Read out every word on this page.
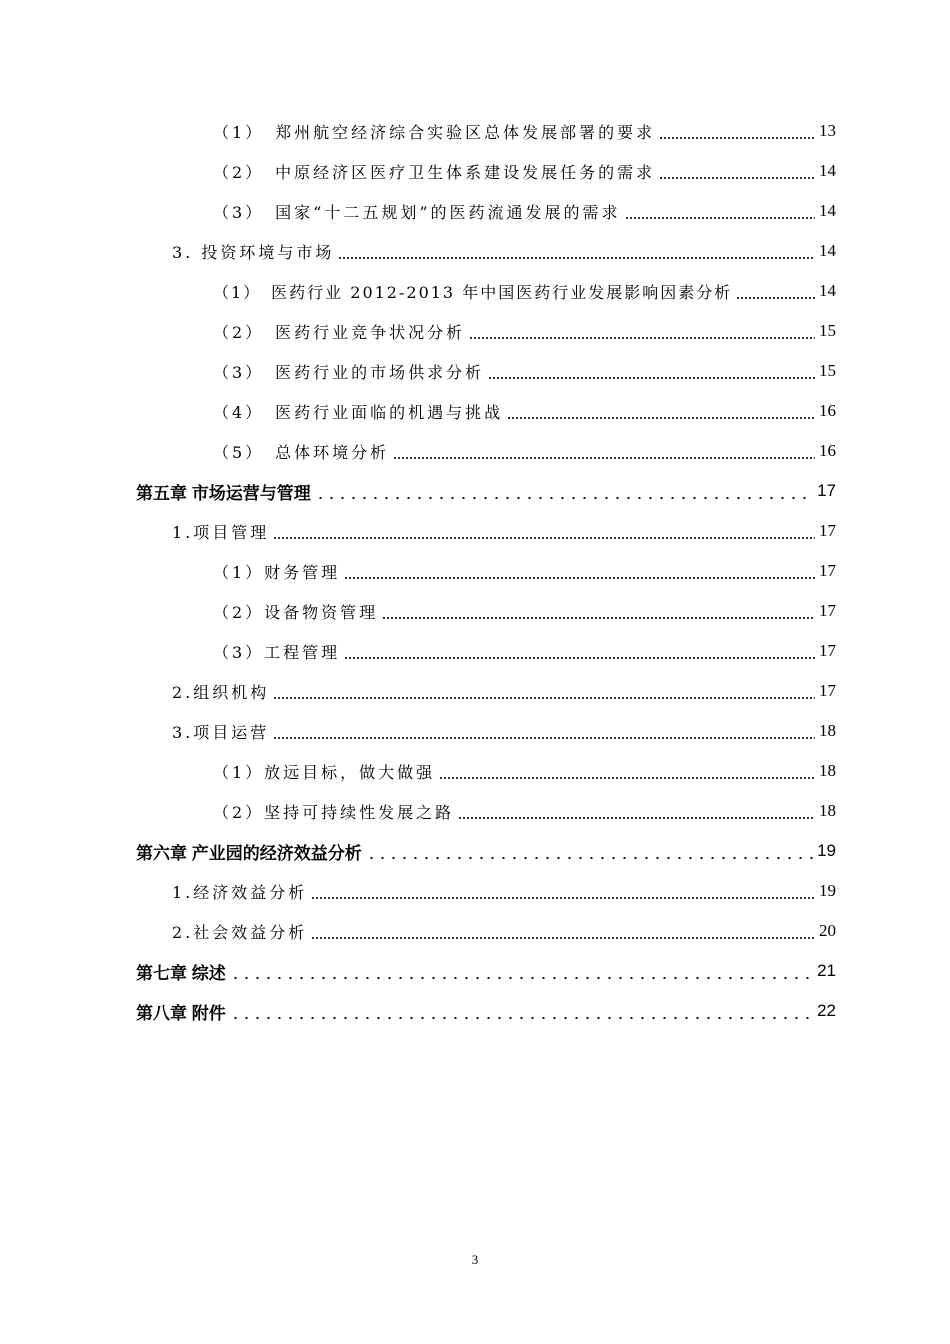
（1）　郑州航空经济综合实验区总体发展部署的要求	13
（2）　中原经济区医疗卫生体系建设发展任务的需求	14
（3）　国家“十二五规划”的医药流通发展的需求	14
3. 投资环境与市场	14
（1）　医药行业 2012-2013 年中国医药行业发展影响因素分析	14
（2）　医药行业竞争状况分析	15
（3）　医药行业的市场供求分析	15
（4）　医药行业面临的机遇与挑战	16
（5）　总体环境分析	16
第五章 市场运营与管理	17
1.项目管理	17
（1）财务管理	17
（2）设备物资管理	17
（3）工程管理	17
2.组织机构	17
3.项目运营	18
（1）放远目标，做大做强	18
（2）坚持可持续性发展之路	18
第六章 产业园的经济效益分析	19
1.经济效益分析	19
2.社会效益分析	20
第七章 综述	21
第八章 附件	22
3
